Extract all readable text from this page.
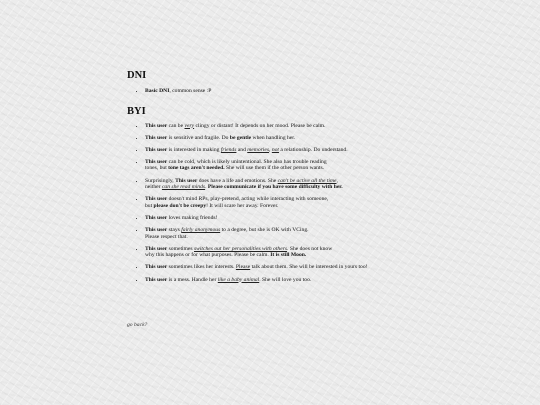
DNI
• Basic DNI, common sense :P
BYI
• This user can be very clingy or distant! It depends on her mood. Please be calm.
• This user is sensitive and fragile. Do be gentle when handling her.
• This user is interested in making friends and memories, not a relationship. Do understand.
• This user can be cold, which is likely unintentional. She also has trouble reading
tones, but tone tags aren't needed. She will use them if the other person wants.
• Surprisingly, This user does have a life and emotions. She can't be active all the time,
neither can she read minds. Please communicate if you have some difficulty with her.
• This user doesn't mind RPs, play-pretend, acting while interacting with someone,
but please don't be creepy! It will scare her away. Forever.
• This user loves making friends!
• This user stays fairly anonymous to a degree, but she is OK with VCing.
Please respect that.
• This user sometimes switches out her personalities with others. She does not know
why this happens or for what purposes. Please be calm. It is still Moon.
• This user sometimes likes her interests. Please talk about them. She will be interested in yours too!
• This user is a mess. Handle her like a baby animal. She will love you too.
go back?
